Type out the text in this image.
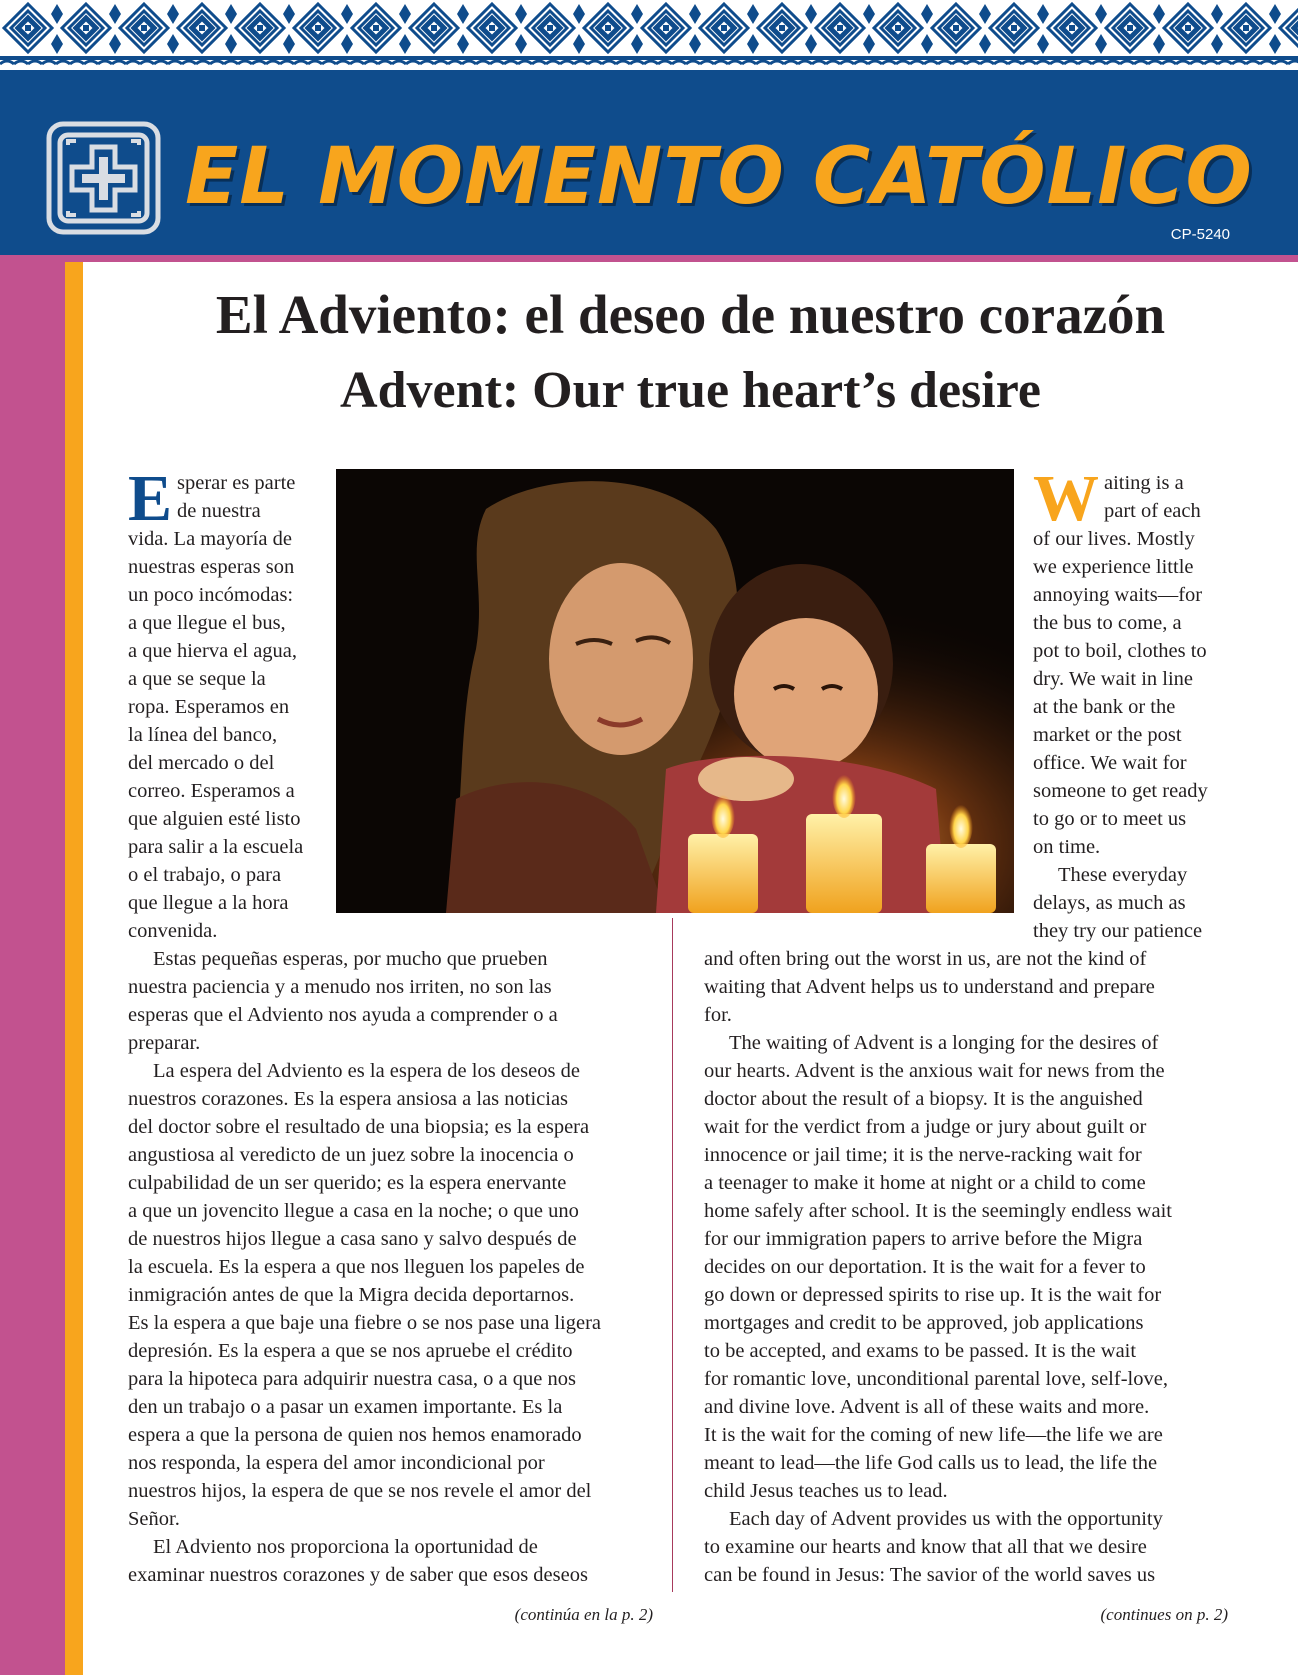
EL MOMENTO CATÓLICO
CP-5240
El Adviento: el deseo de nuestro corazón
Advent: Our true heart’s desire
E sperar es parte
de nuestra
vida. La mayoría de
nuestras esperas son
un poco incómodas:
a que llegue el bus,
a que hierva el agua,
a que se seque la
ropa. Esperamos en
la línea del banco,
del mercado o del
correo. Esperamos a
que alguien esté listo
para salir a la escuela
o el trabajo, o para
que llegue a la hora
convenida.
W aiting is a
part of each
of our lives. Mostly
we experience little
annoying waits—for
the bus to come, a
pot to boil, clothes to
dry. We wait in line
at the bank or the
market or the post
office. We wait for
someone to get ready
to go or to meet us
on time.
These everyday
delays, as much as
they try our patience
Estas pequeñas esperas, por mucho que prueben
nuestra paciencia y a menudo nos irriten, no son las
esperas que el Adviento nos ayuda a comprender o a
preparar.
La espera del Adviento es la espera de los deseos de
nuestros corazones. Es la espera ansiosa a las noticias
del doctor sobre el resultado de una biopsia; es la espera
angustiosa al veredicto de un juez sobre la inocencia o
culpabilidad de un ser querido; es la espera enervante
a que un jovencito llegue a casa en la noche; o que uno
de nuestros hijos llegue a casa sano y salvo después de
la escuela. Es la espera a que nos lleguen los papeles de
inmigración antes de que la Migra decida deportarnos.
Es la espera a que baje una fiebre o se nos pase una ligera
depresión. Es la espera a que se nos apruebe el crédito
para la hipoteca para adquirir nuestra casa, o a que nos
den un trabajo o a pasar un examen importante. Es la
espera a que la persona de quien nos hemos enamorado
nos responda, la espera del amor incondicional por
nuestros hijos, la espera de que se nos revele el amor del
Señor.
El Adviento nos proporciona la oportunidad de
examinar nuestros corazones y de saber que esos deseos
and often bring out the worst in us, are not the kind of
waiting that Advent helps us to understand and prepare
for.
The waiting of Advent is a longing for the desires of
our hearts. Advent is the anxious wait for news from the
doctor about the result of a biopsy. It is the anguished
wait for the verdict from a judge or jury about guilt or
innocence or jail time; it is the nerve-racking wait for
a teenager to make it home at night or a child to come
home safely after school. It is the seemingly endless wait
for our immigration papers to arrive before the Migra
decides on our deportation. It is the wait for a fever to
go down or depressed spirits to rise up. It is the wait for
mortgages and credit to be approved, job applications
to be accepted, and exams to be passed. It is the wait
for romantic love, unconditional parental love, self-love,
and divine love. Advent is all of these waits and more.
It is the wait for the coming of new life—the life we are
meant to lead—the life God calls us to lead, the life the
child Jesus teaches us to lead.
Each day of Advent provides us with the opportunity
to examine our hearts and know that all that we desire
can be found in Jesus: The savior of the world saves us
(continúa en la p. 2)	(continues on p. 2)
